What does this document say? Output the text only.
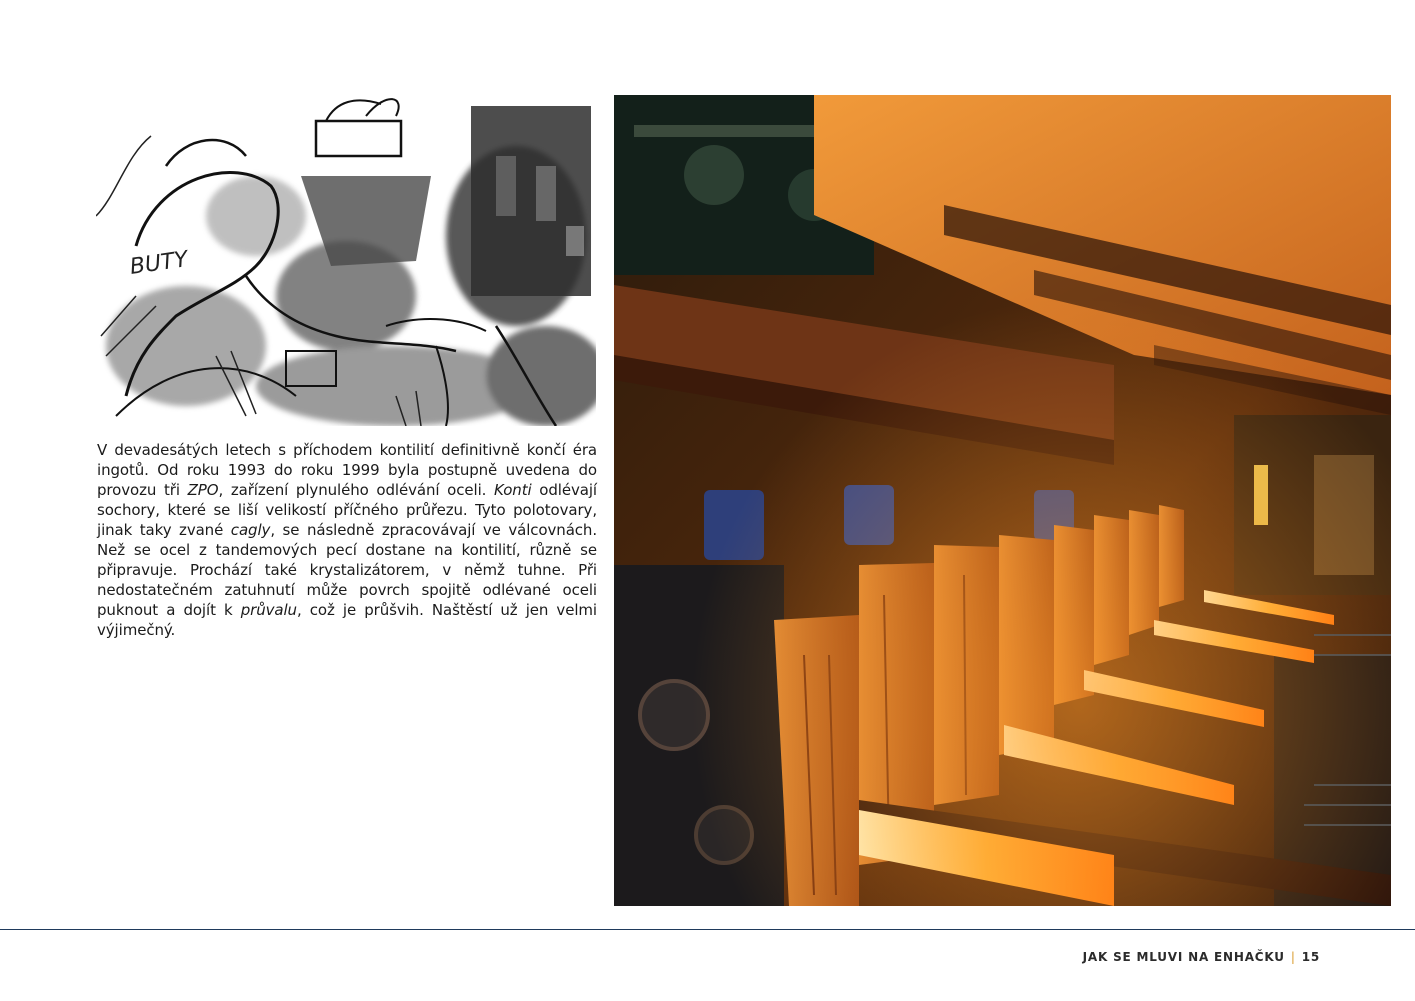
BUTY

V devadesátých letech s příchodem kontilití definitivně končí éra ingotů. Od roku 1993 do roku 1999 byla postupně uvedena do provozu tři ZPO, zařízení plynulého odlévání oceli. Konti odlévají sochory, které se liší velikostí příčného průřezu. Tyto polotovary, jinak taky zvané cagly, se následně zpracovávají ve válcovnách. Než se ocel z tandemových pecí dostane na kontilití, různě se připravuje. Prochází také krystalizátorem, v němž tuhne. Při nedostatečném zatuhnutí může povrch spojitě odlévané oceli puknout a dojít k průvalu, což je průšvih. Naštěstí už jen velmi výjimečný.

JAK SE MLUVI NA ENHAČKU | 15
